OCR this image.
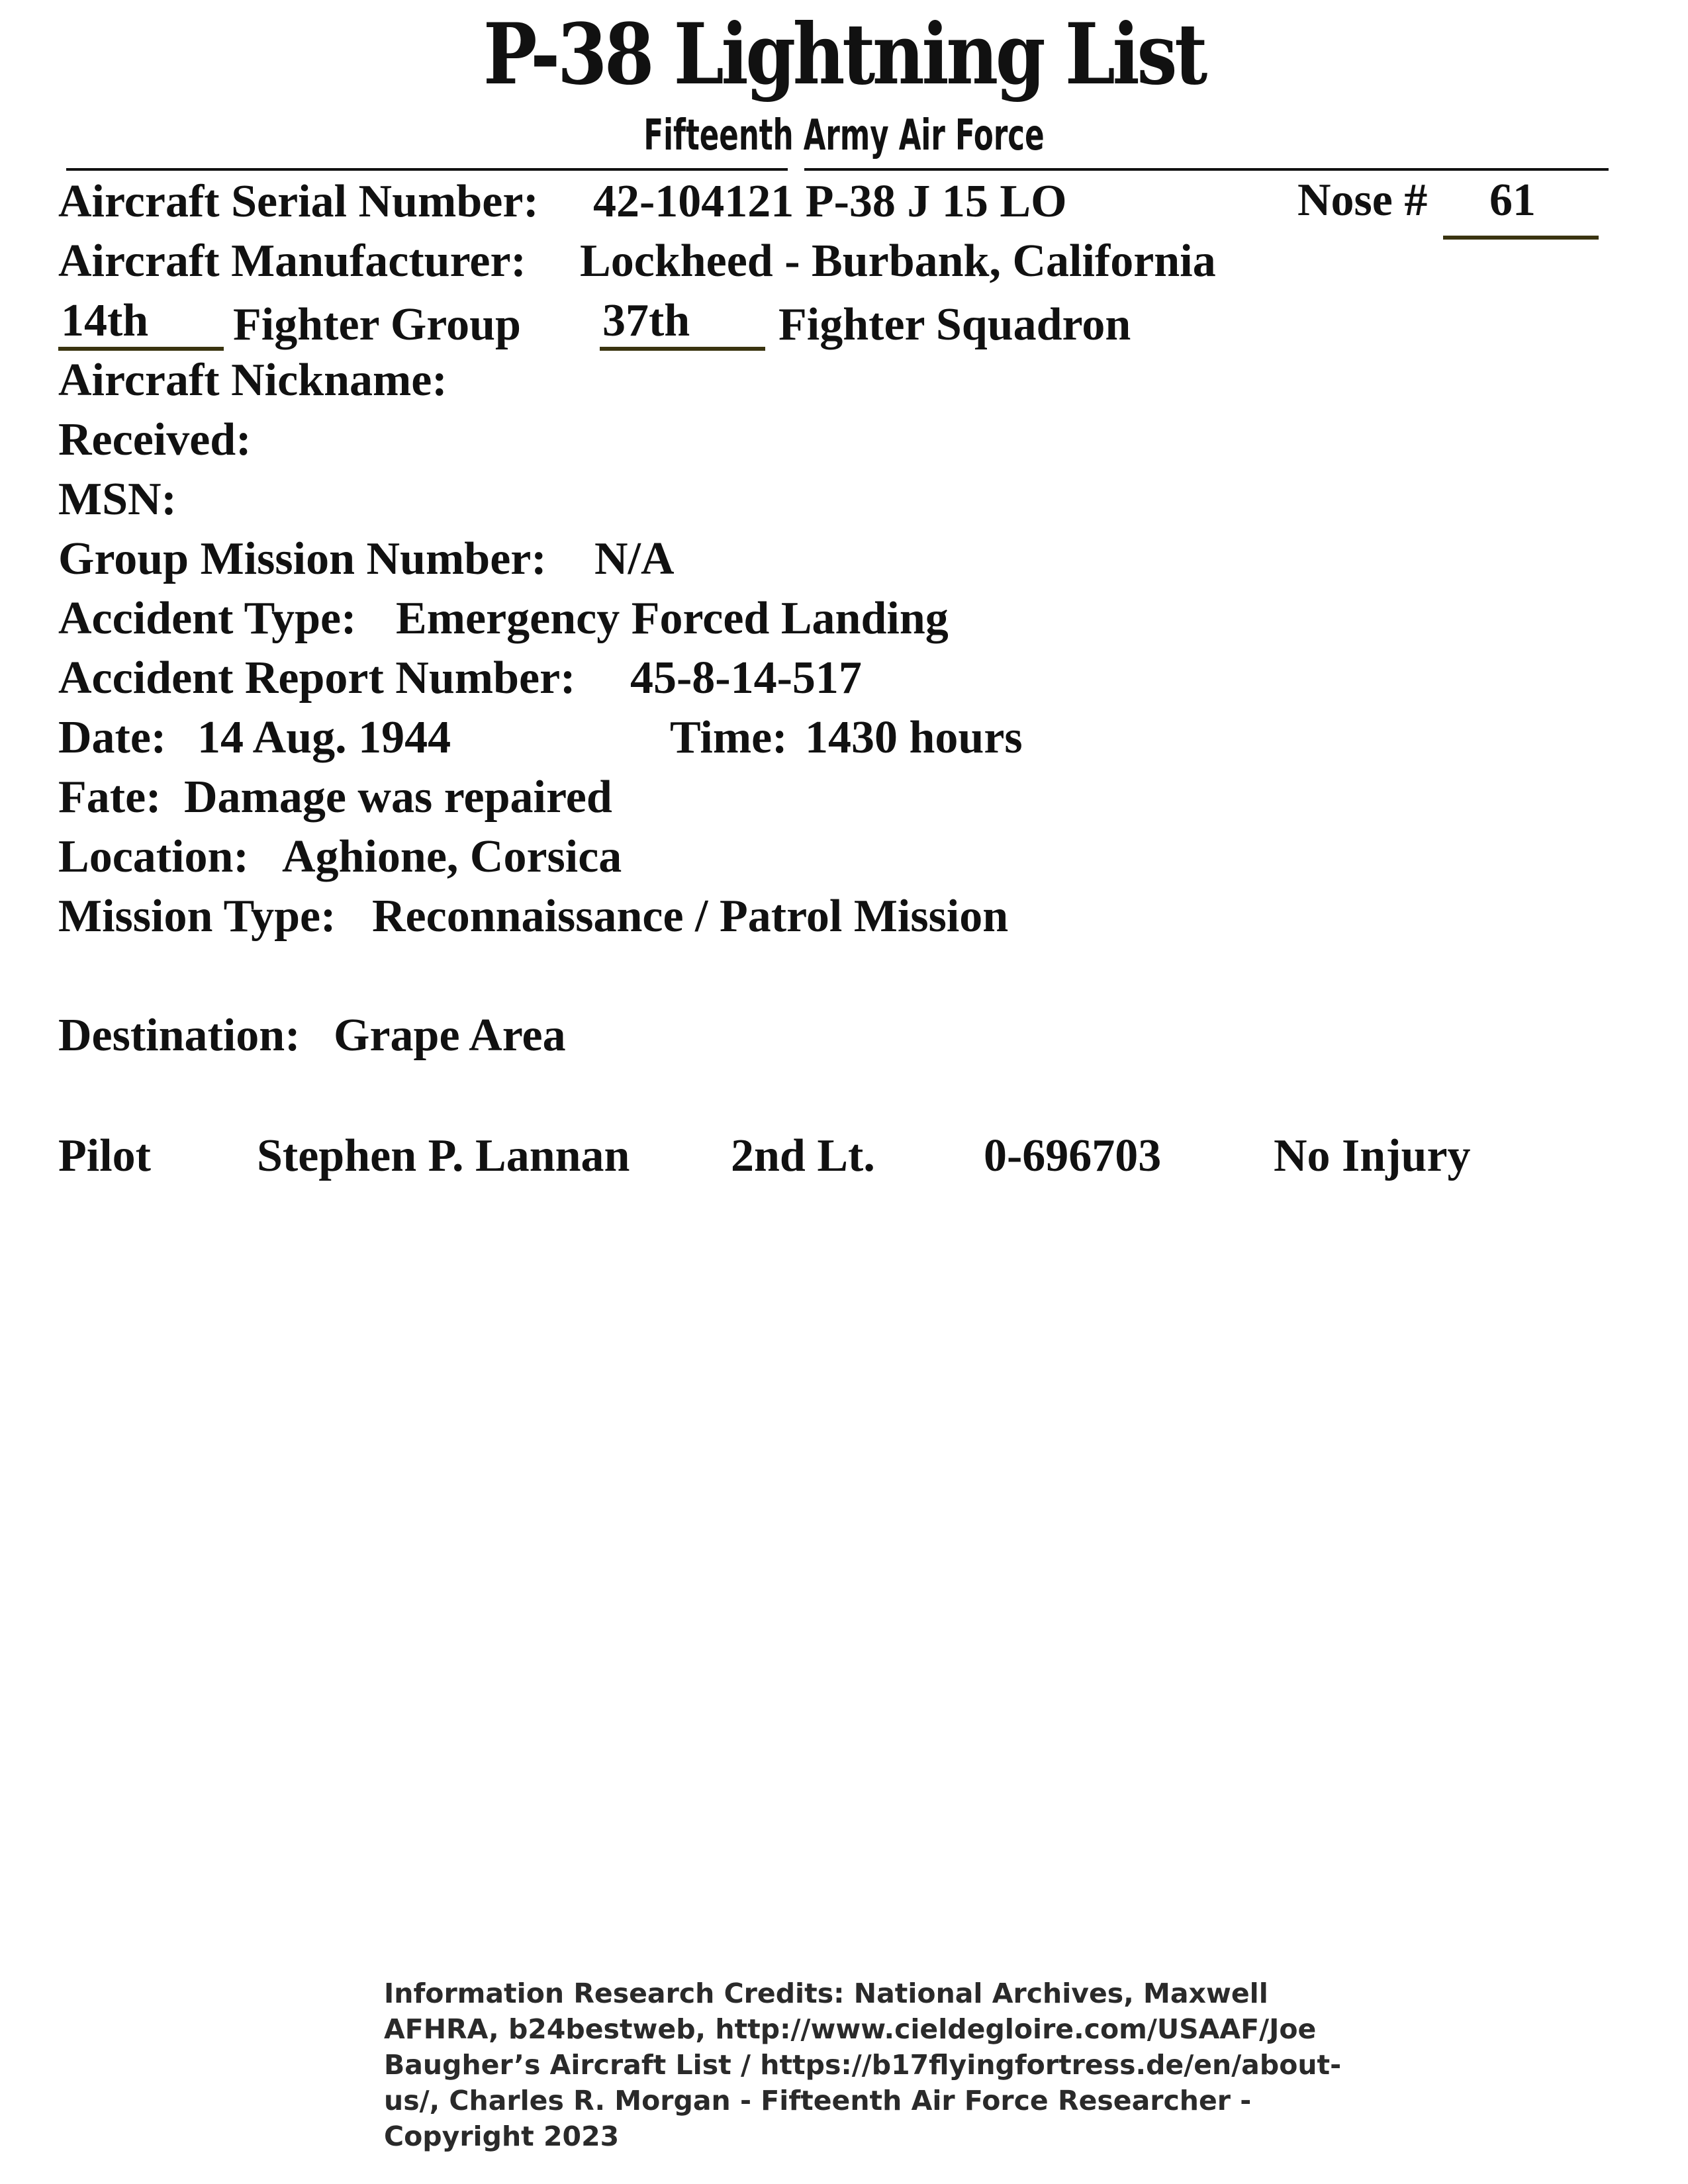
P-38 Lightning List
Fifteenth Army Air Force
Aircraft Serial Number: 42-104121 P-38 J 15 LO	Nose # 61
Aircraft Manufacturer: Lockheed - Burbank, California
14th Fighter Group 37th Fighter Squadron
Aircraft Nickname:
Received:
MSN:
Group Mission Number: N/A
Accident Type: Emergency Forced Landing
Accident Report Number: 45-8-14-517
Date: 14 Aug. 1944	Time: 1430 hours
Fate: Damage was repaired
Location: Aghione, Corsica
Mission Type: Reconnaissance / Patrol Mission
Destination: Grape Area
Pilot Stephen P. Lannan 2nd Lt. 0-696703 No Injury
Information Research Credits: National Archives, Maxwell AFHRA, b24bestweb, http://www.cieldegloire.com/USAAF/Joe Baugher’s Aircraft List / https://b17flyingfortress.de/en/about-us/, Charles R. Morgan - Fifteenth Air Force Researcher - Copyright 2023
